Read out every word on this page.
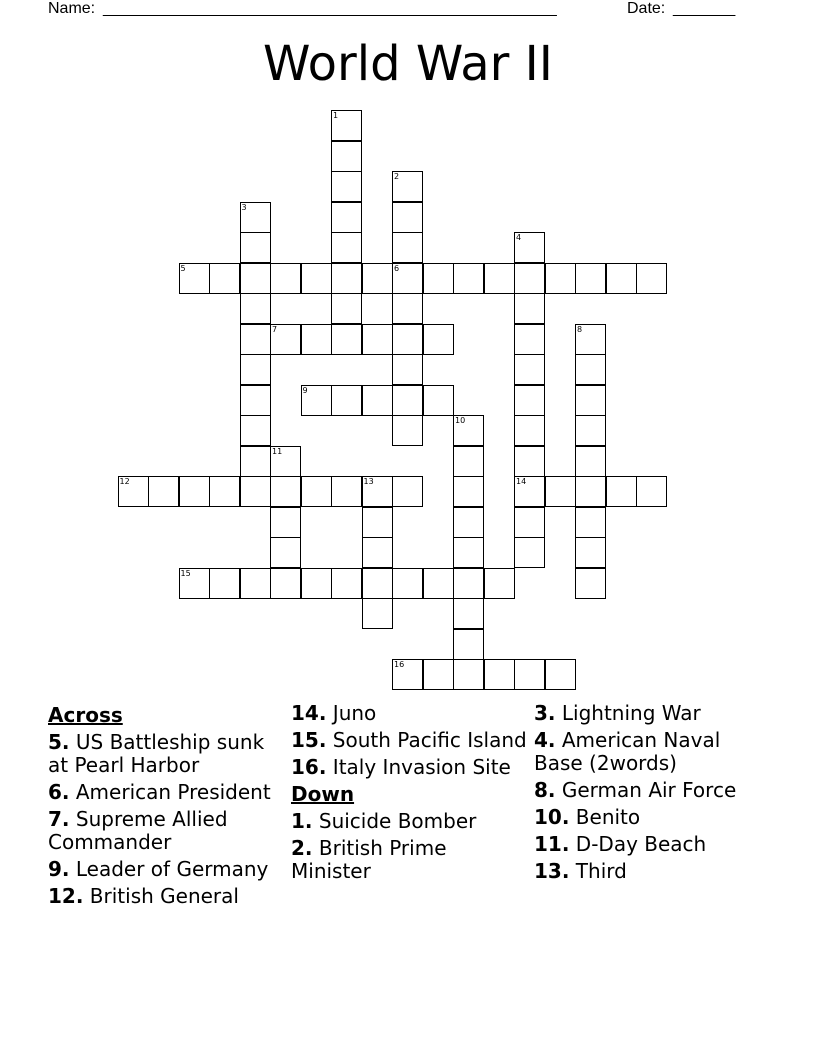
Name: ___________________________________________________	Date: _______
World War II
1
2
6
3
4
14
5
7	8
9
10
11
12	13
15
16
Across
5. US Battleship sunk at Pearl Harbor
6. American President
7. Supreme Allied Commander
9. Leader of Germany
12. British General
14. Juno
15. South Pacific Island
16. Italy Invasion Site
Down
1. Suicide Bomber
2. British Prime Minister
3. Lightning War
4. American Naval Base (2words)
8. German Air Force
10. Benito
11. D-Day Beach
13. Third
